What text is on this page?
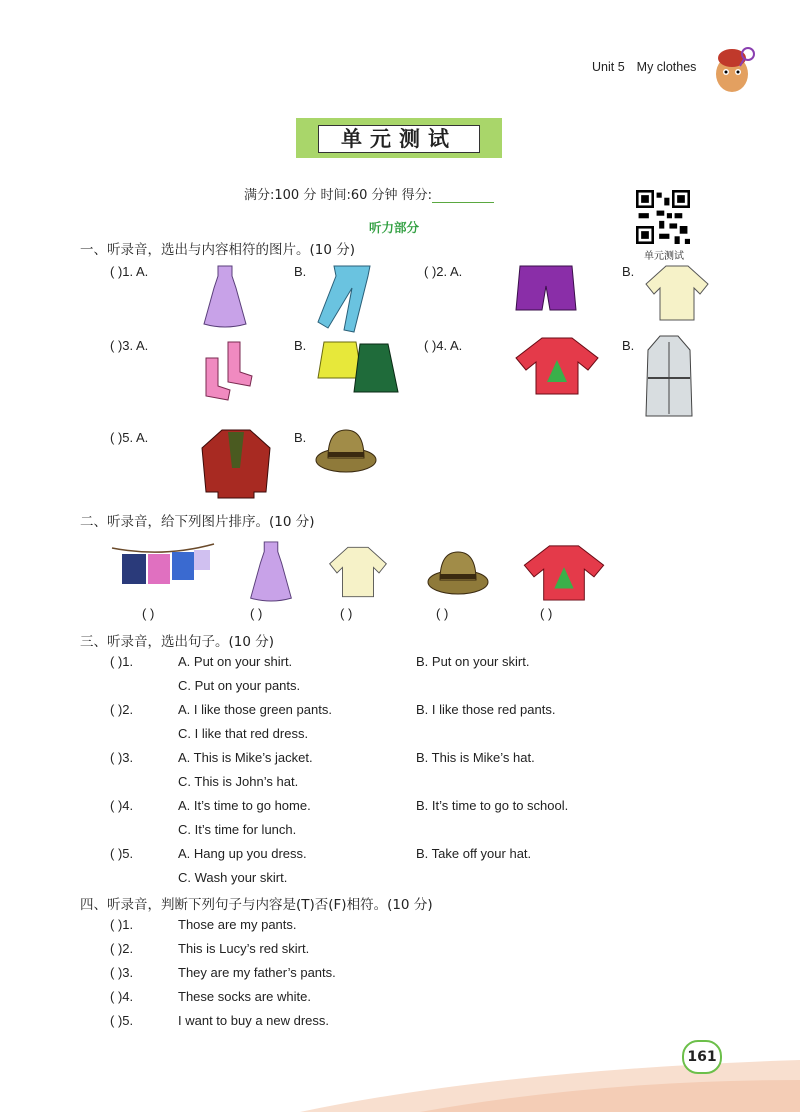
Unit 5 My clothes
单元测试
满分:100 分 时间:60 分钟 得分:
单元测试
听力部分
一、听录音，选出与内容相符的图片。(10 分)
( )1. A.	B.	( )2. A.	B.
( )3. A.	B.	( )4. A.	B.
( )5. A.	B.
二、听录音，给下列图片排序。(10 分)
( )	( )	( )	( )	( )
三、听录音，选出句子。(10 分)
( )1.	A. Put on your shirt.	B. Put on your skirt.
C. Put on your pants.
( )2.	A. I like those green pants.	B. I like those red pants.
C. I like that red dress.
( )3.	A. This is Mike’s jacket.	B. This is Mike’s hat.
C. This is John’s hat.
( )4.	A. It’s time to go home.	B. It’s time to go to school.
C. It’s time for lunch.
( )5.	A. Hang up you dress.	B. Take off your hat.
C. Wash your skirt.
四、听录音，判断下列句子与内容是(T)否(F)相符。(10 分)
( )1.	Those are my pants.
( )2.	This is Lucy’s red skirt.
( )3.	They are my father’s pants.
( )4.	These socks are white.
( )5.	I want to buy a new dress.
161
